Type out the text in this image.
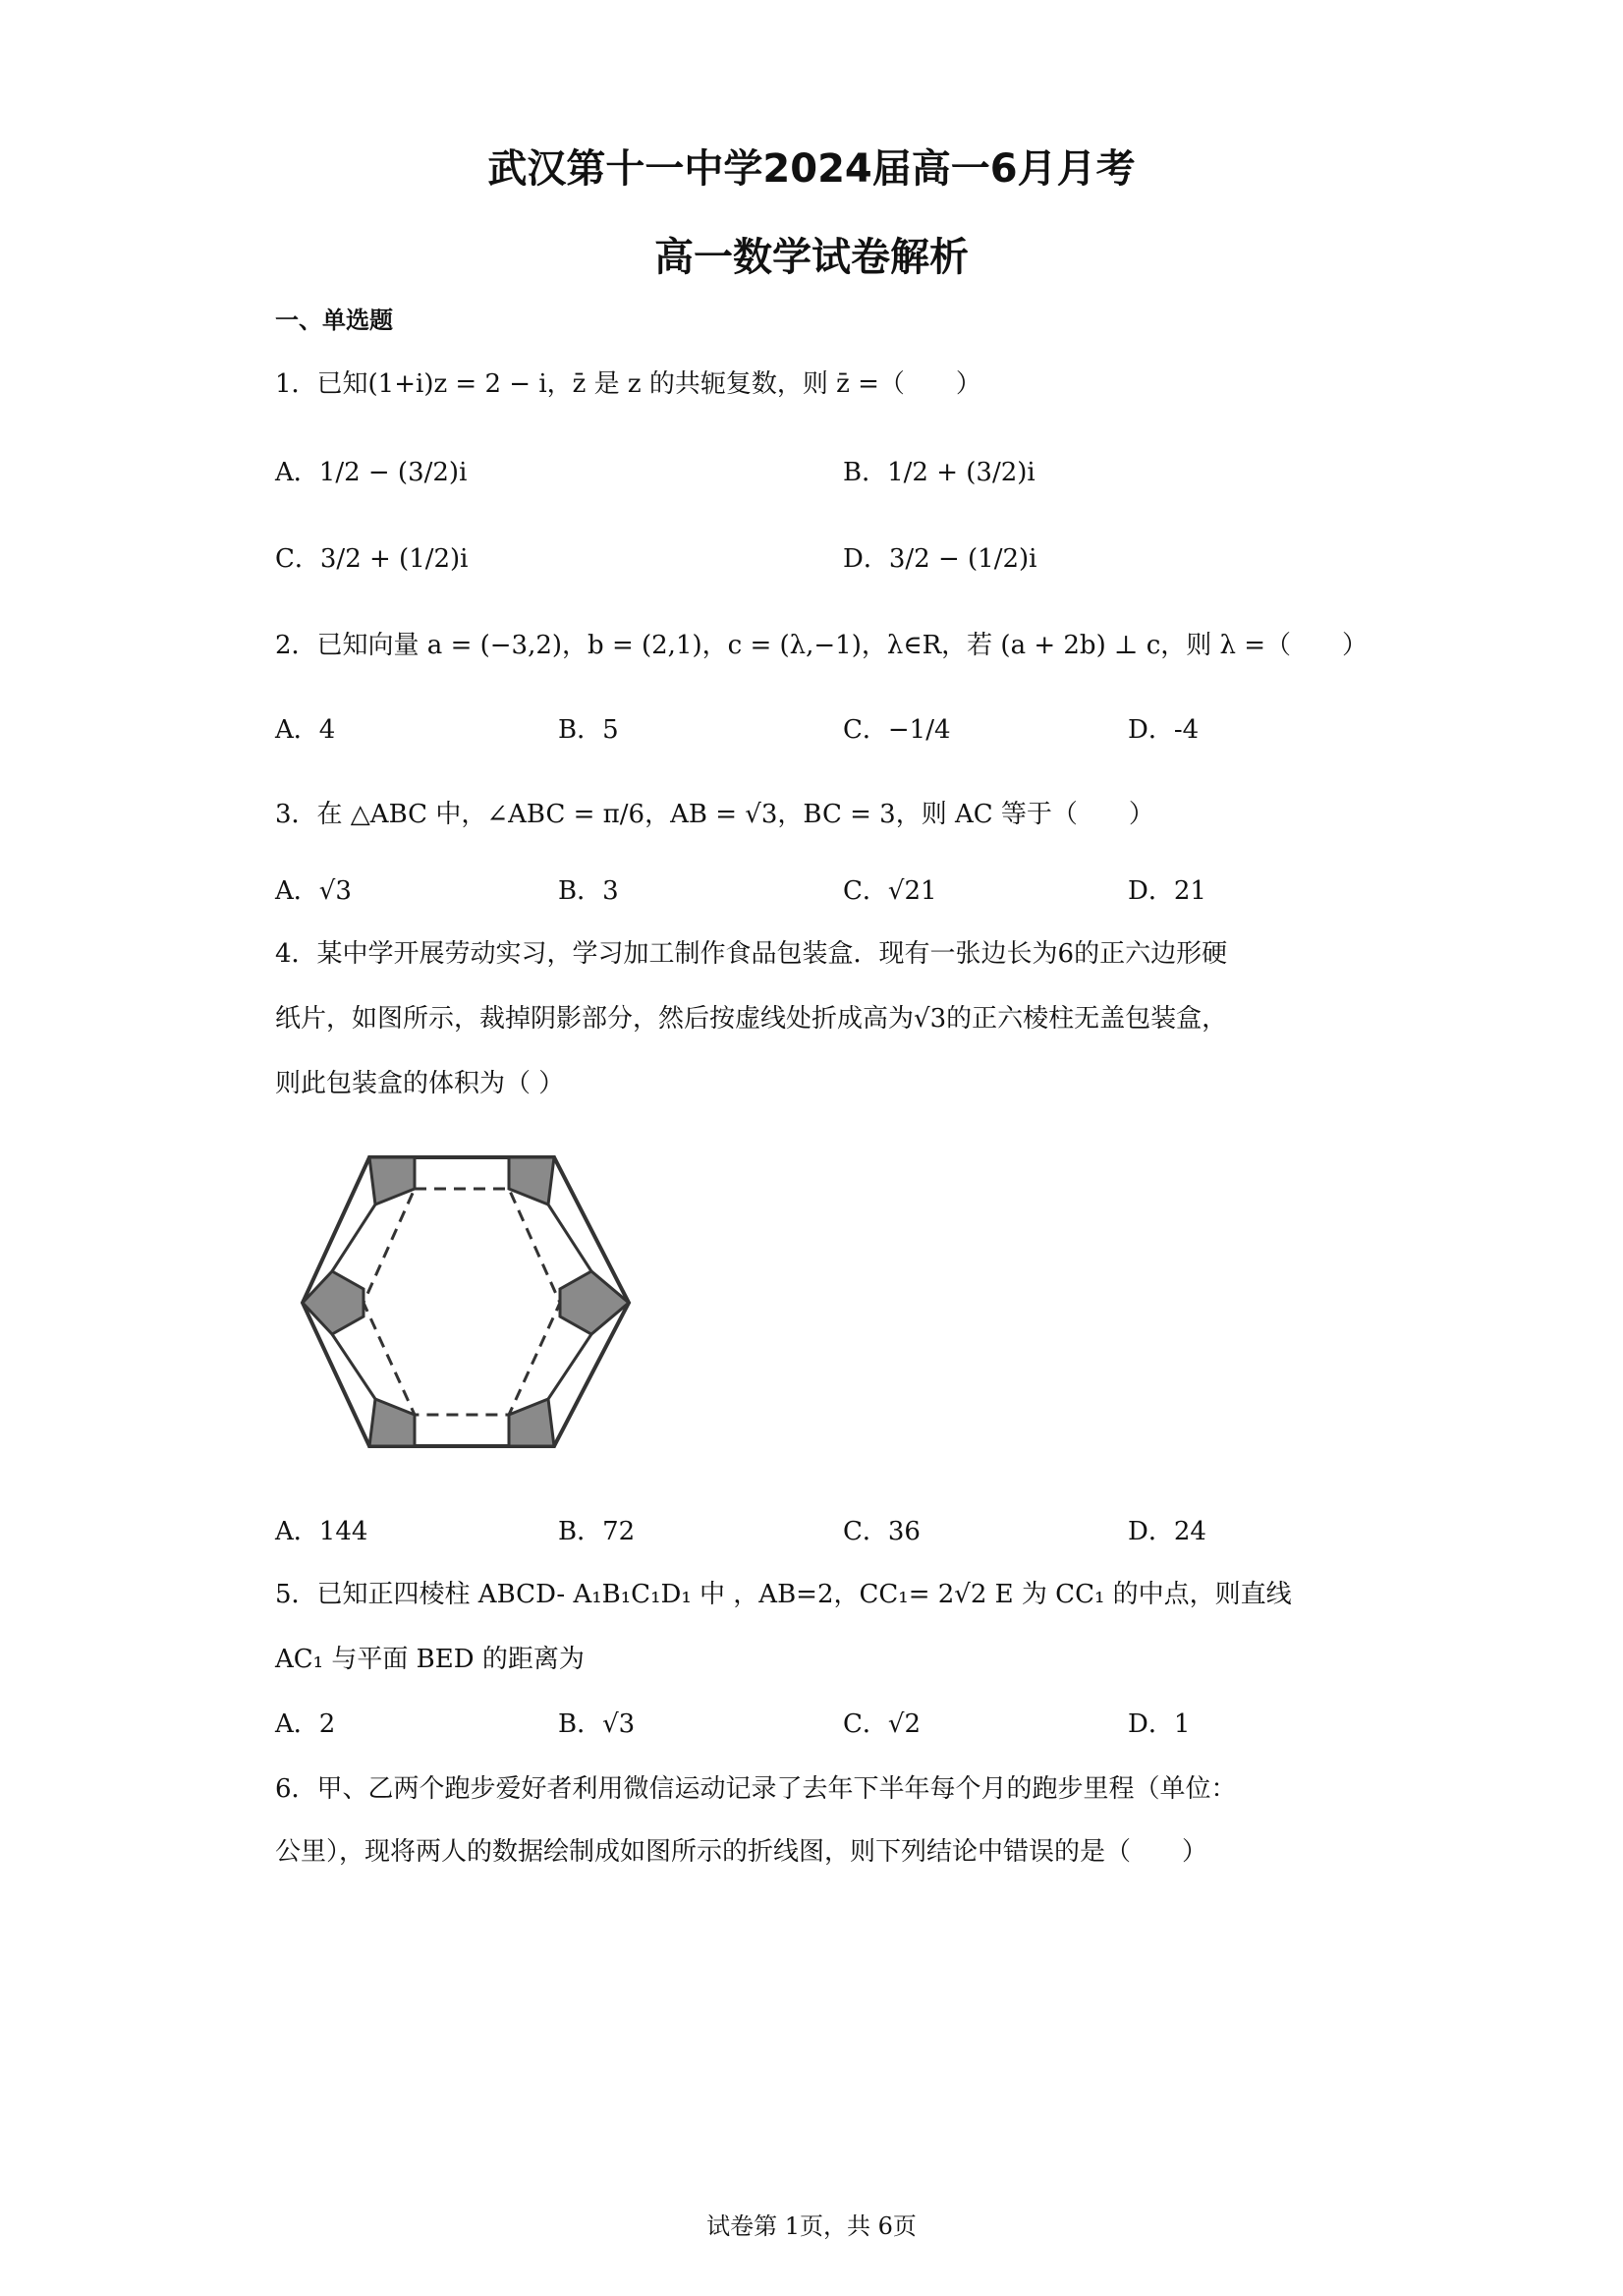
武汉第十一中学2024届高一6月月考
高一数学试卷解析
一、单选题
1．已知(1+i)z = 2 − i，z̄ 是 z 的共轭复数，则 z̄ =（　　）
A．1/2 − (3/2)i	B．1/2 + (3/2)i
C．3/2 + (1/2)i	D．3/2 − (1/2)i
2．已知向量 a = (−3,2)，b = (2,1)，c = (λ,−1)，λ∈R，若 (a + 2b) ⊥ c，则 λ =（　　）
A．4	B．5	C．−1/4	D．-4
3．在 △ABC 中，∠ABC = π/6，AB = √3，BC = 3，则 AC 等于（　　）
A．√3	B．3	C．√21	D．21
4．某中学开展劳动实习，学习加工制作食品包装盒．现有一张边长为6的正六边形硬
纸片，如图所示，裁掉阴影部分，然后按虚线处折成高为√3的正六棱柱无盖包装盒，
则此包装盒的体积为（ ）
A．144	B．72	C．36	D．24
5．已知正四棱柱 ABCD- A₁B₁C₁D₁ 中 ，AB=2，CC₁= 2√2 E 为 CC₁ 的中点，则直线
AC₁ 与平面 BED 的距离为
A．2	B．√3	C．√2	D．1
6．甲、乙两个跑步爱好者利用微信运动记录了去年下半年每个月的跑步里程（单位：
公里），现将两人的数据绘制成如图所示的折线图，则下列结论中错误的是（　　）
试卷第 1页，共 6页
